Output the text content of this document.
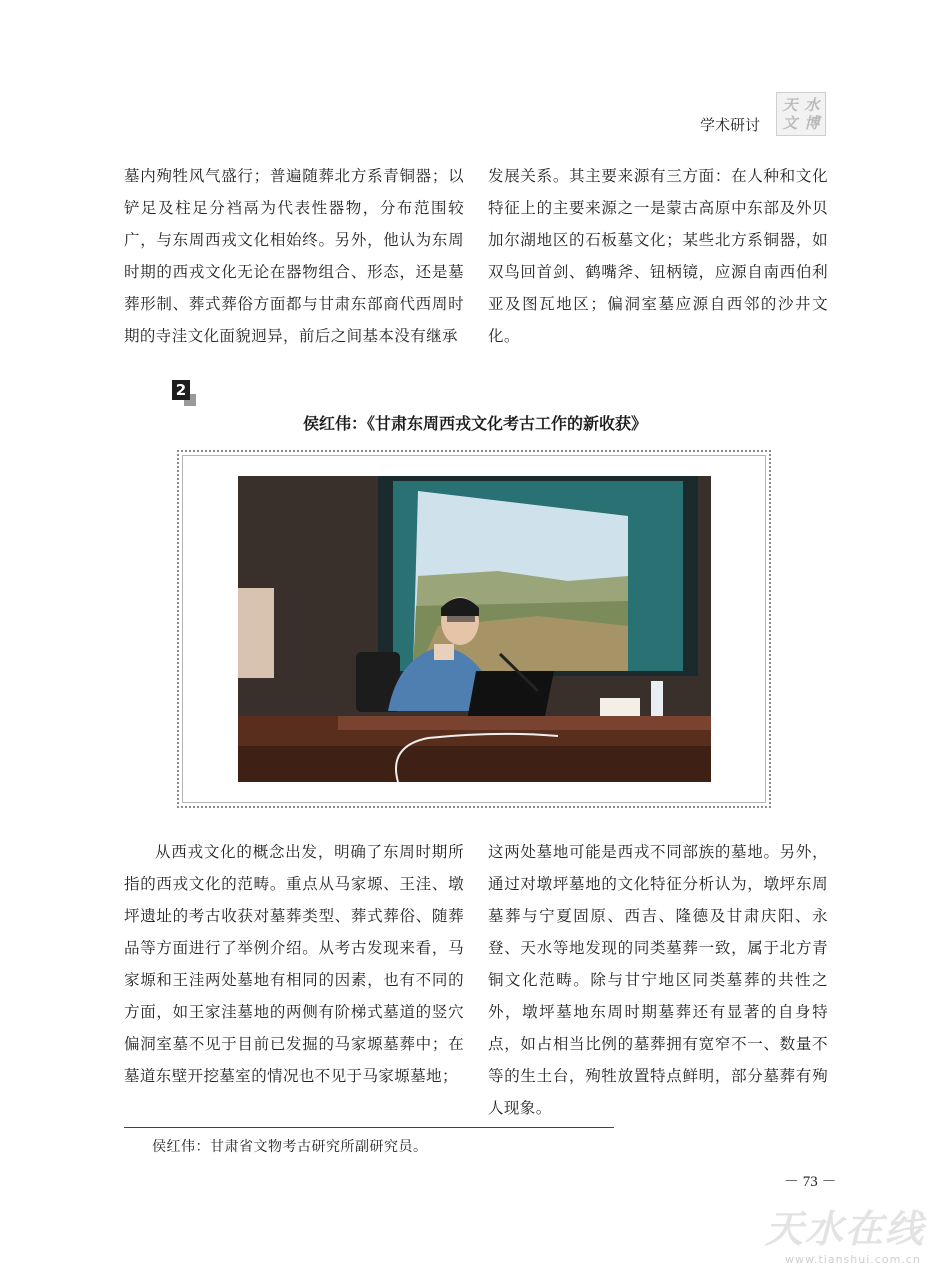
学术研讨
天 水
文 博

墓内殉牲风气盛行；普遍随葬北方系青铜器；以铲足及柱足分裆鬲为代表性器物，分布范围较广，与东周西戎文化相始终。另外，他认为东周时期的西戎文化无论在器物组合、形态，还是墓葬形制、葬式葬俗方面都与甘肃东部商代西周时期的寺洼文化面貌迥异，前后之间基本没有继承

发展关系。其主要来源有三方面：在人种和文化特征上的主要来源之一是蒙古高原中东部及外贝加尔湖地区的石板墓文化；某些北方系铜器，如双鸟回首剑、鹤嘴斧、钮柄镜，应源自南西伯利亚及图瓦地区；偏洞室墓应源自西邻的沙井文化。

2
侯红伟：《甘肃东周西戎文化考古工作的新收获》

从西戎文化的概念出发，明确了东周时期所指的西戎文化的范畴。重点从马家塬、王洼、墩坪遗址的考古收获对墓葬类型、葬式葬俗、随葬品等方面进行了举例介绍。从考古发现来看，马家塬和王洼两处墓地有相同的因素，也有不同的方面，如王家洼墓地的两侧有阶梯式墓道的竖穴偏洞室墓不见于目前已发掘的马家塬墓葬中；在墓道东壁开挖墓室的情况也不见于马家塬墓地；

这两处墓地可能是西戎不同部族的墓地。另外，通过对墩坪墓地的文化特征分析认为，墩坪东周墓葬与宁夏固原、西吉、隆德及甘肃庆阳、永登、天水等地发现的同类墓葬一致，属于北方青铜文化范畴。除与甘宁地区同类墓葬的共性之外，墩坪墓地东周时期墓葬还有显著的自身特点，如占相当比例的墓葬拥有宽窄不一、数量不等的生土台，殉牲放置特点鲜明，部分墓葬有殉人现象。

侯红伟：甘肃省文物考古研究所副研究员。
－ 73 －
天 水 在 线
www.tianshui.com.cn
